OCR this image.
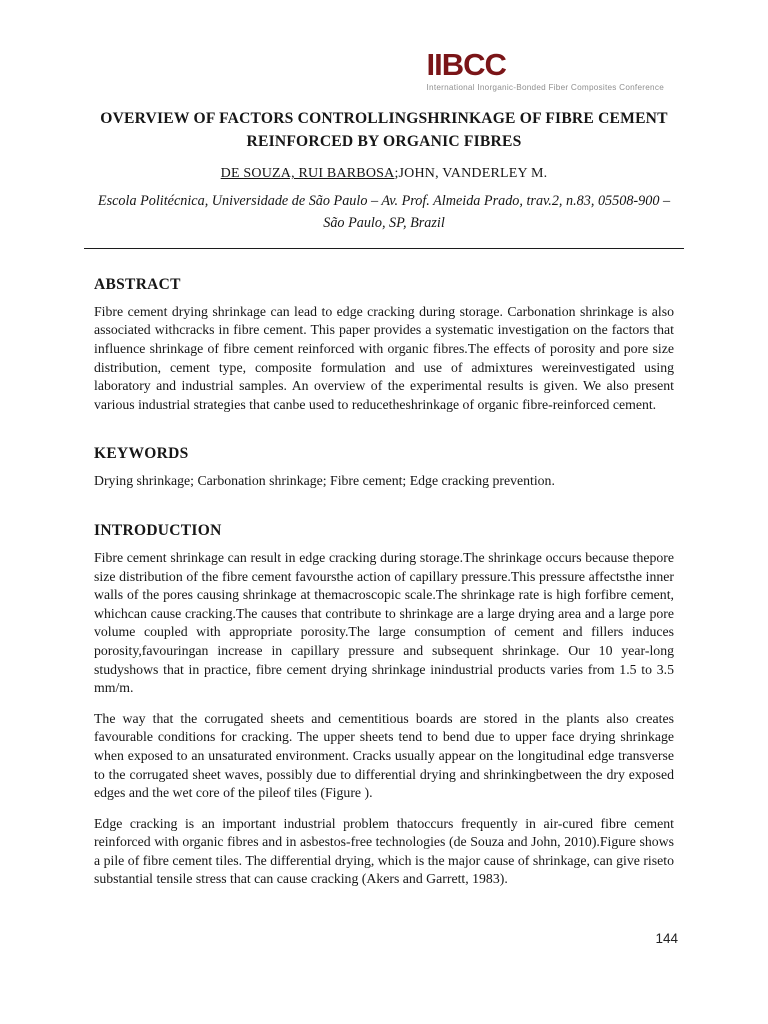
IIBCC
International Inorganic-Bonded Fiber Composites Conference
OVERVIEW OF FACTORS CONTROLLINGSHRINKAGE OF FIBRE CEMENT REINFORCED BY ORGANIC FIBRES
DE SOUZA, RUI BARBOSA;JOHN, VANDERLEY M.
Escola Politécnica, Universidade de São Paulo – Av. Prof. Almeida Prado, trav.2, n.83, 05508-900 – São Paulo, SP, Brazil
ABSTRACT

Fibre cement drying shrinkage can lead to edge cracking during storage. Carbonation shrinkage is also associated withcracks in fibre cement. This paper provides a systematic investigation on the factors that influence shrinkage of fibre cement reinforced with organic fibres.The effects of porosity and pore size distribution, cement type, composite formulation and use of admixtures wereinvestigated using laboratory and industrial samples. An overview of the experimental results is given. We also present various industrial strategies that canbe used to reducetheshrinkage of organic fibre-reinforced cement.

KEYWORDS

Drying shrinkage; Carbonation shrinkage; Fibre cement; Edge cracking prevention.

INTRODUCTION

Fibre cement shrinkage can result in edge cracking during storage.The shrinkage occurs because thepore size distribution of the fibre cement favoursthe action of capillary pressure.This pressure affectsthe inner walls of the pores causing shrinkage at themacroscopic scale.The shrinkage rate is high forfibre cement, whichcan cause cracking.The causes that contribute to shrinkage are a large drying area and a large pore volume coupled with appropriate porosity.The large consumption of cement and fillers induces porosity,favouringan increase in capillary pressure and subsequent shrinkage. Our 10 year-long studyshows that in practice, fibre cement drying shrinkage inindustrial products varies from 1.5 to 3.5 mm/m.

The way that the corrugated sheets and cementitious boards are stored in the plants also creates favourable conditions for cracking. The upper sheets tend to bend due to upper face drying shrinkage when exposed to an unsaturated environment. Cracks usually appear on the longitudinal edge transverse to the corrugated sheet waves, possibly due to differential drying and shrinkingbetween the dry exposed edges and the wet core of the pileof tiles (Figure ).

Edge cracking is an important industrial problem thatoccurs frequently in air-cured fibre cement reinforced with organic fibres and in asbestos-free technologies (de Souza and John, 2010).Figure shows a pile of fibre cement tiles. The differential drying, which is the major cause of shrinkage, can give riseto substantial tensile stress that can cause cracking (Akers and Garrett, 1983).

144
